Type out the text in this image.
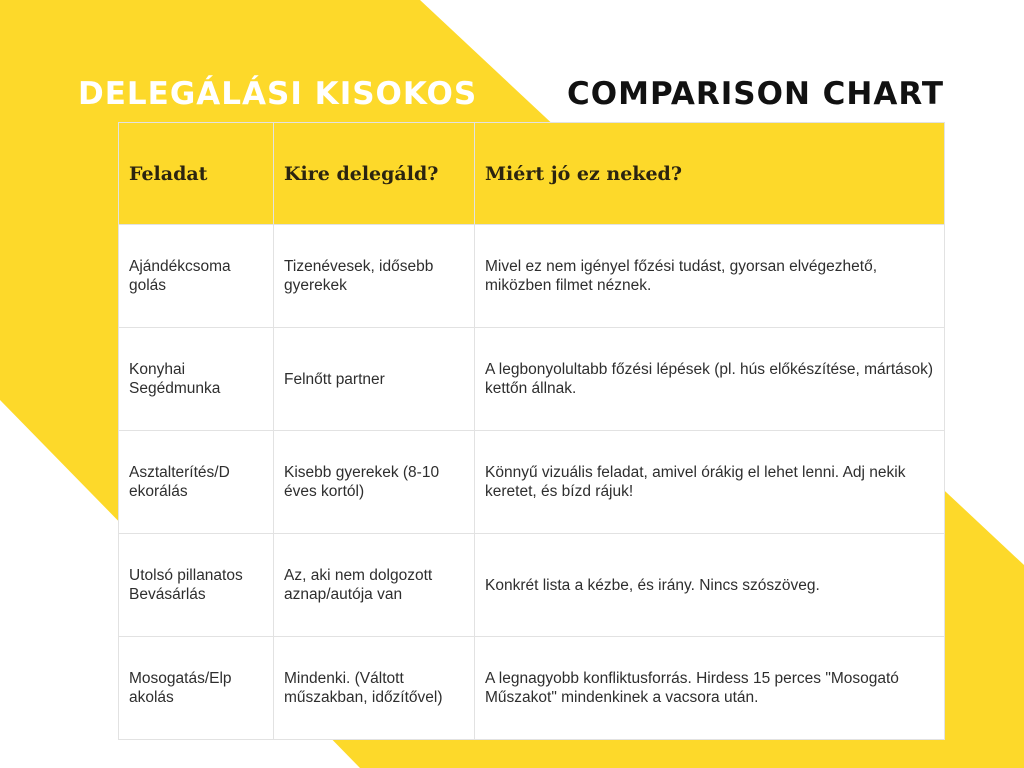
DELEGÁLÁSI KISOKOS	COMPARISON CHART
Feladat	Kire delegáld?	Miért jó ez neked?
Ajándékcsoma golás	Tizenévesek, idősebb gyerekek	Mivel ez nem igényel főzési tudást, gyorsan elvégezhető, miközben filmet néznek.
Konyhai Segédmunka	Felnőtt partner	A legbonyolultabb főzési lépések (pl. hús előkészítése, mártások) kettőn állnak.
Asztalterítés/D ekorálás	Kisebb gyerekek (8-10 éves kortól)	Könnyű vizuális feladat, amivel órákig el lehet lenni. Adj nekik keretet, és bízd rájuk!
Utolsó pillanatos Bevásárlás	Az, aki nem dolgozott aznap/autója van	Konkrét lista a kézbe, és irány. Nincs szószöveg.
Mosogatás/Elp akolás	Mindenki. (Váltott műszakban, időzítővel)	A legnagyobb konfliktusforrás. Hirdess 15 perces "Mosogató Műszakot" mindenkinek a vacsora után.
